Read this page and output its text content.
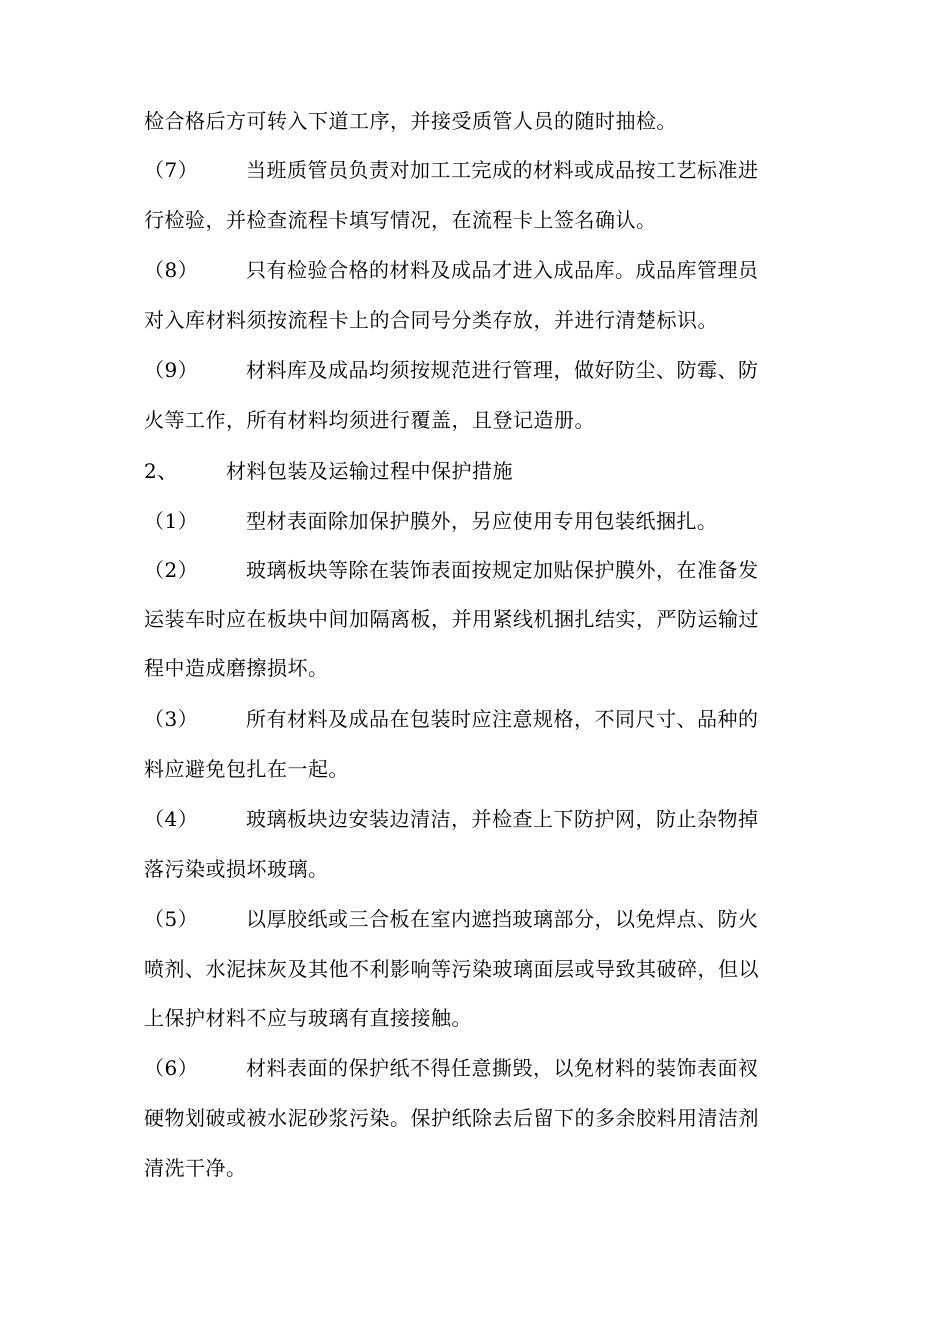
检合格后方可转入下道工序，并接受质管人员的随时抽检。
（7） 当班质管员负责对加工工完成的材料或成品按工艺标准进
行检验，并检查流程卡填写情况，在流程卡上签名确认。
（8） 只有检验合格的材料及成品才进入成品库。成品库管理员
对入库材料须按流程卡上的合同号分类存放，并进行清楚标识。
（9） 材料库及成品均须按规范进行管理，做好防尘、防霉、防
火等工作，所有材料均须进行覆盖，且登记造册。
2、 材料包装及运输过程中保护措施
（1） 型材表面除加保护膜外，另应使用专用包装纸捆扎。
（2） 玻璃板块等除在装饰表面按规定加贴保护膜外，在准备发
运装车时应在板块中间加隔离板，并用紧线机捆扎结实，严防运输过
程中造成磨擦损坏。
（3） 所有材料及成品在包装时应注意规格，不同尺寸、品种的
料应避免包扎在一起。
（4） 玻璃板块边安装边清洁，并检查上下防护网，防止杂物掉
落污染或损坏玻璃。
（5） 以厚胶纸或三合板在室内遮挡玻璃部分，以免焊点、防火
喷剂、水泥抹灰及其他不利影响等污染玻璃面层或导致其破碎，但以
上保护材料不应与玻璃有直接接触。
（6） 材料表面的保护纸不得任意撕毁，以免材料的装饰表面衩
硬物划破或被水泥砂浆污染。保护纸除去后留下的多余胶料用清洁剂
清洗干净。
